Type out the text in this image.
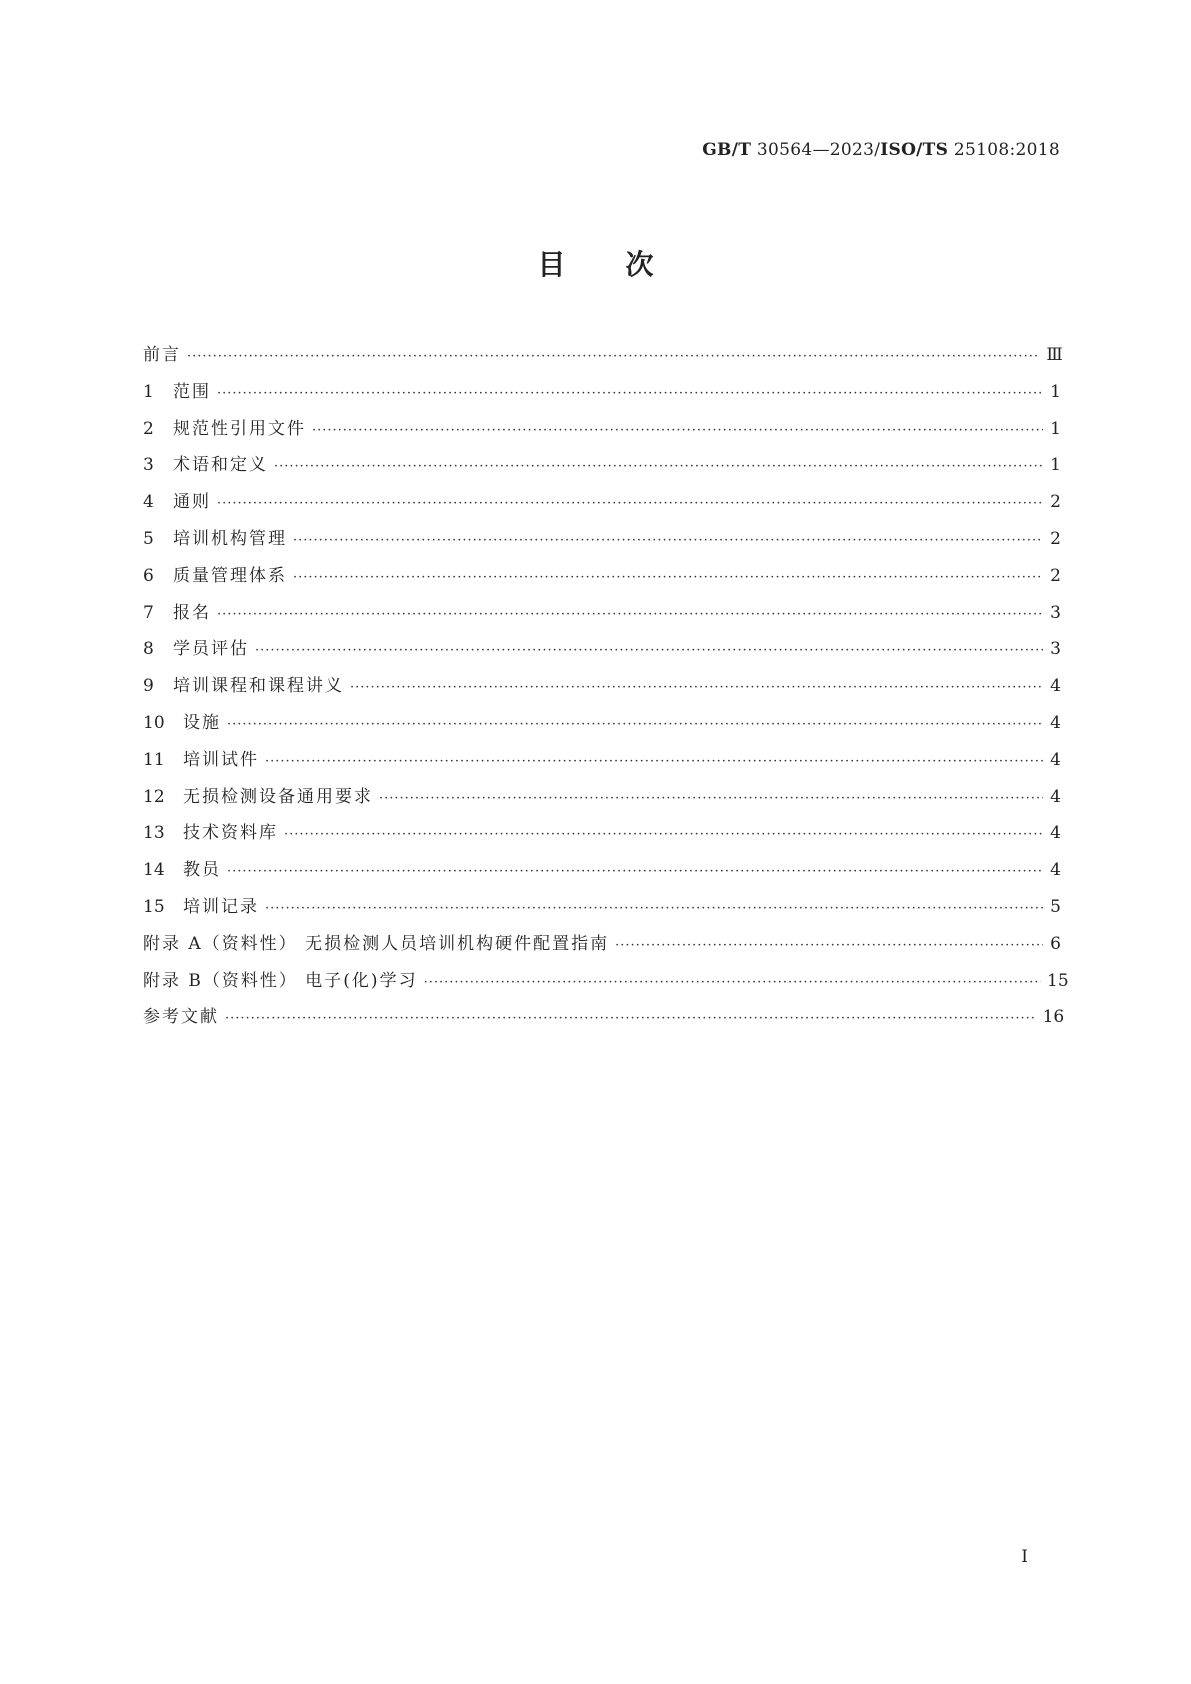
GB/T 30564—2023/ISO/TS 25108:2018
目次
前言 ·····	Ⅲ
1	范围 ·····	1
2	规范性引用文件 ·····	1
3	术语和定义 ·····	1
4	通则 ·····	2
5	培训机构管理 ·····	2
6	质量管理体系 ·····	2
7	报名 ·····	3
8	学员评估 ·····	3
9	培训课程和课程讲义 ·····	4
10	设施 ·····	4
11	培训试件 ·····	4
12	无损检测设备通用要求 ·····	4
13	技术资料库 ·····	4
14	教员 ·····	4
15	培训记录 ·····	5
附录 A（资料性） 无损检测人员培训机构硬件配置指南 ·····	6
附录 B（资料性） 电子(化)学习 ·····	15
参考文献 ·····	16
Ⅰ
